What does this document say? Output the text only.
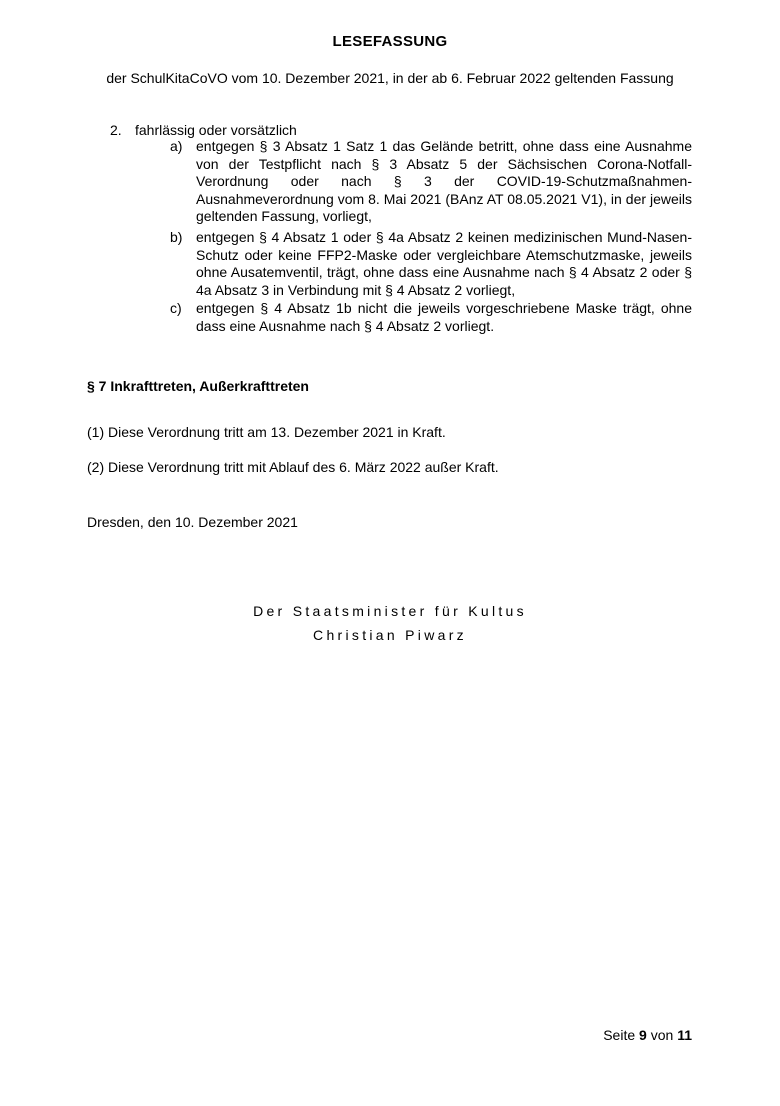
LESEFASSUNG
der SchulKitaCoVO vom 10. Dezember 2021, in der ab 6. Februar 2022 geltenden Fassung
2. fahrlässig oder vorsätzlich
a) entgegen § 3 Absatz 1 Satz 1 das Gelände betritt, ohne dass eine Ausnahme von der Testpflicht nach § 3 Absatz 5 der Sächsischen Corona-Notfall-Verordnung oder nach § 3 der COVID-19-Schutzmaßnahmen-Ausnahmeverordnung vom 8. Mai 2021 (BAnz AT 08.05.2021 V1), in der jeweils geltenden Fassung, vorliegt,
b) entgegen § 4 Absatz 1 oder § 4a Absatz 2 keinen medizinischen Mund-Nasen-Schutz oder keine FFP2-Maske oder vergleichbare Atemschutzmaske, jeweils ohne Ausatemventil, trägt, ohne dass eine Ausnahme nach § 4 Absatz 2 oder § 4a Absatz 3 in Verbindung mit § 4 Absatz 2 vorliegt,
c)	entgegen § 4 Absatz 1b nicht die jeweils vorgeschriebene Maske trägt, ohne dass eine Ausnahme nach § 4 Absatz 2 vorliegt.
§ 7 Inkrafttreten, Außerkrafttreten
(1) Diese Verordnung tritt am 13. Dezember 2021 in Kraft.
(2) Diese Verordnung tritt mit Ablauf des 6. März 2022 außer Kraft.
Dresden, den 10. Dezember 2021
Der Staatsminister für Kultus
Christian Piwarz
Seite 9 von 11
